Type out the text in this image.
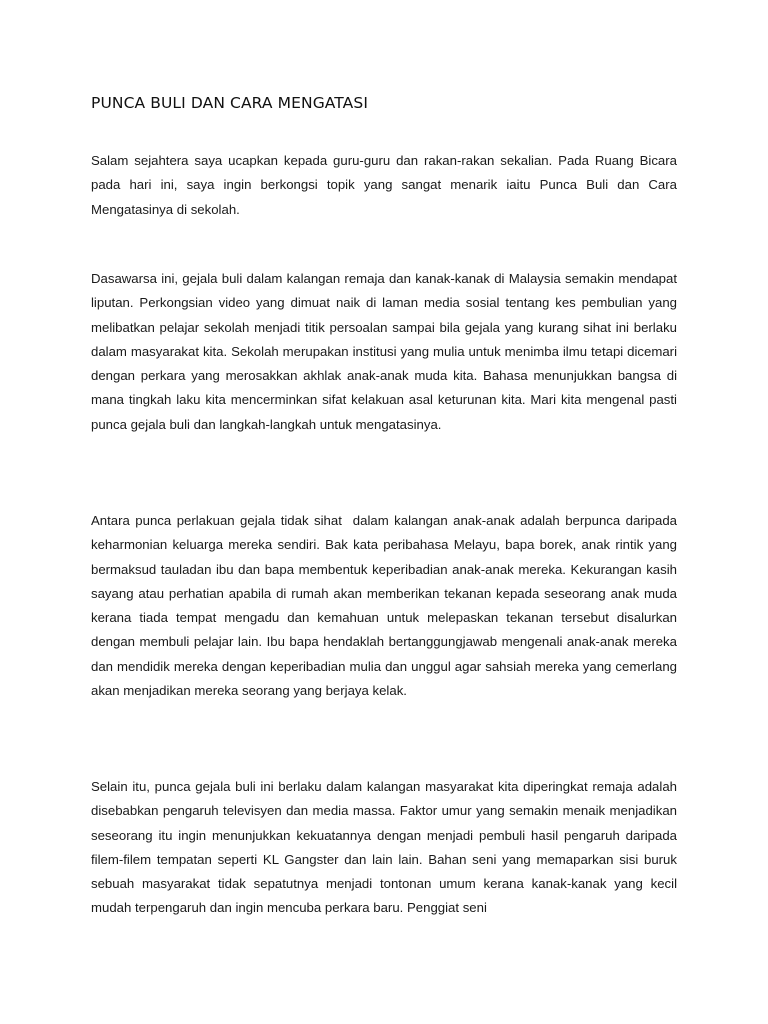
PUNCA BULI DAN CARA MENGATASI

Salam sejahtera saya ucapkan kepada guru-guru dan rakan-rakan sekalian. Pada Ruang Bicara pada hari ini, saya ingin berkongsi topik yang sangat menarik iaitu Punca Buli dan Cara Mengatasinya di sekolah.

Dasawarsa ini, gejala buli dalam kalangan remaja dan kanak-kanak di Malaysia semakin mendapat liputan. Perkongsian video yang dimuat naik di laman media sosial tentang kes pembulian yang melibatkan pelajar sekolah menjadi titik persoalan sampai bila gejala yang kurang sihat ini berlaku dalam masyarakat kita. Sekolah merupakan institusi yang mulia untuk menimba ilmu tetapi dicemari dengan perkara yang merosakkan akhlak anak-anak muda kita. Bahasa menunjukkan bangsa di mana tingkah laku kita mencerminkan sifat kelakuan asal keturunan kita. Mari kita mengenal pasti punca gejala buli dan langkah-langkah untuk mengatasinya.

Antara punca perlakuan gejala tidak sihat  dalam kalangan anak-anak adalah berpunca daripada keharmonian keluarga mereka sendiri. Bak kata peribahasa Melayu, bapa borek, anak rintik yang bermaksud tauladan ibu dan bapa membentuk keperibadian anak-anak mereka. Kekurangan kasih sayang atau perhatian apabila di rumah akan memberikan tekanan kepada seseorang anak muda kerana tiada tempat mengadu dan kemahuan untuk melepaskan tekanan tersebut disalurkan dengan membuli pelajar lain. Ibu bapa hendaklah bertanggungjawab mengenali anak-anak mereka dan mendidik mereka dengan keperibadian mulia dan unggul agar sahsiah mereka yang cemerlang akan menjadikan mereka seorang yang berjaya kelak.

Selain itu, punca gejala buli ini berlaku dalam kalangan masyarakat kita diperingkat remaja adalah disebabkan pengaruh televisyen dan media massa. Faktor umur yang semakin menaik menjadikan seseorang itu ingin menunjukkan kekuatannya dengan menjadi pembuli hasil pengaruh daripada filem-filem tempatan seperti KL Gangster dan lain lain. Bahan seni yang memaparkan sisi buruk sebuah masyarakat tidak sepatutnya menjadi tontonan umum kerana kanak-kanak yang kecil mudah terpengaruh dan ingin mencuba perkara baru. Penggiat seni
